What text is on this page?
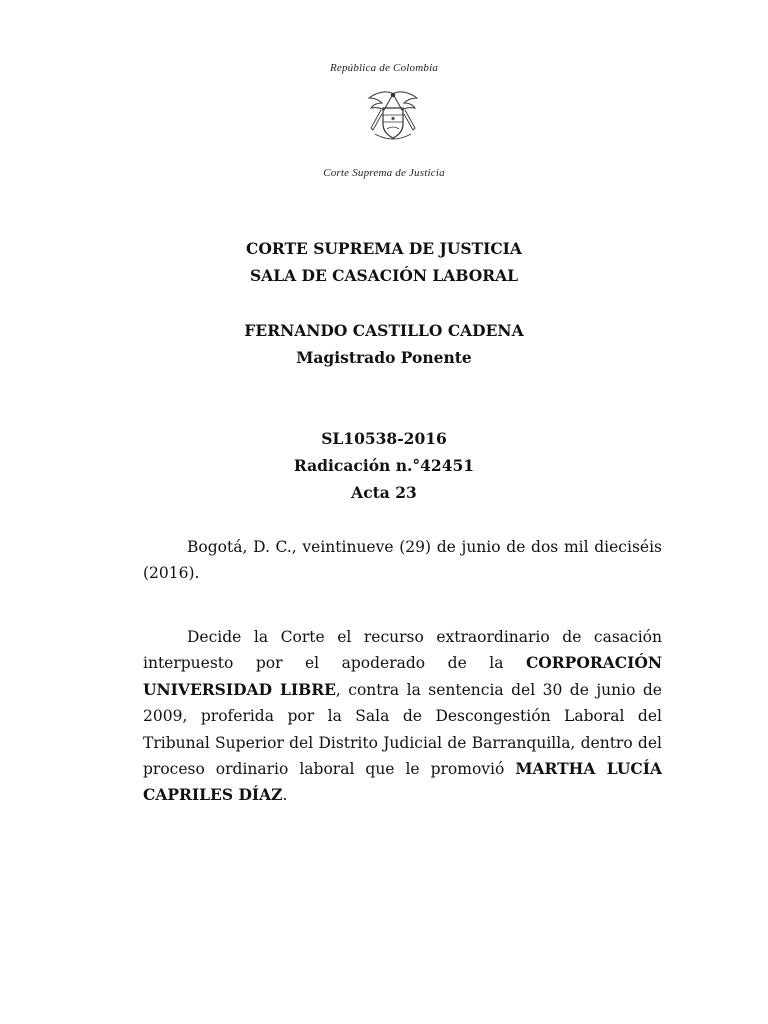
República de Colombia
Corte Suprema de Justicia
CORTE SUPREMA DE JUSTICIA
SALA DE CASACIÓN LABORAL
FERNANDO CASTILLO CADENA
Magistrado Ponente
SL10538-2016
Radicación n.°42451
Acta 23
Bogotá, D. C., veintinueve (29) de junio de dos mil dieciséis (2016).
Decide la Corte el recurso extraordinario de casación interpuesto por el apoderado de la CORPORACIÓN UNIVERSIDAD LIBRE, contra la sentencia del 30 de junio de 2009, proferida por la Sala de Descongestión Laboral del Tribunal Superior del Distrito Judicial de Barranquilla, dentro del proceso ordinario laboral que le promovió MARTHA LUCÍA CAPRILES DÍAZ.
